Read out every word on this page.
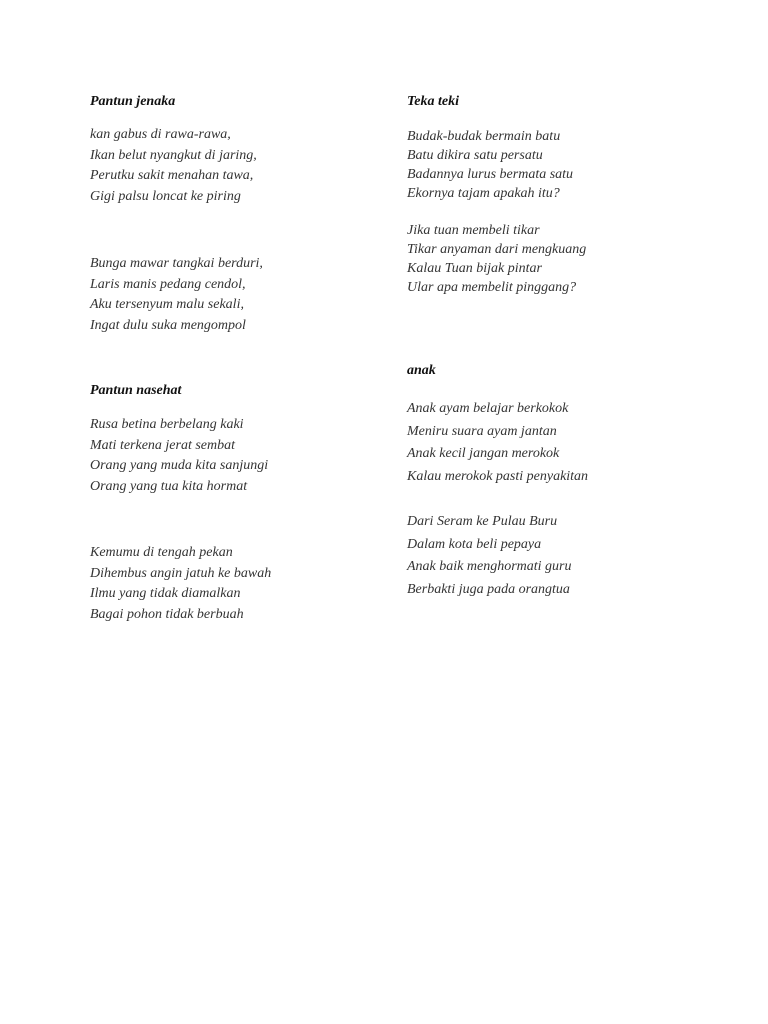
Pantun jenaka
kan gabus di rawa-rawa,
Ikan belut nyangkut di jaring,
Perutku sakit menahan tawa,
Gigi palsu loncat ke piring
Bunga mawar tangkai berduri,
Laris manis pedang cendol,
Aku tersenyum malu sekali,
Ingat dulu suka mengompol
Pantun nasehat
Rusa betina berbelang kaki
Mati terkena jerat sembat
Orang yang muda kita sanjungi
Orang yang tua kita hormat
Kemumu di tengah pekan
Dihembus angin jatuh ke bawah
Ilmu yang tidak diamalkan
Bagai pohon tidak berbuah
Teka teki
Budak-budak bermain batu
Batu dikira satu persatu
Badannya lurus bermata satu
Ekornya tajam apakah itu?
Jika tuan membeli tikar
Tikar anyaman dari mengkuang
Kalau Tuan bijak pintar
Ular apa membelit pinggang?
anak
Anak ayam belajar berkokok
Meniru suara ayam jantan
Anak kecil jangan merokok
Kalau merokok pasti penyakitan
Dari Seram ke Pulau Buru
Dalam kota beli pepaya
Anak baik menghormati guru
Berbakti juga pada orangtua
